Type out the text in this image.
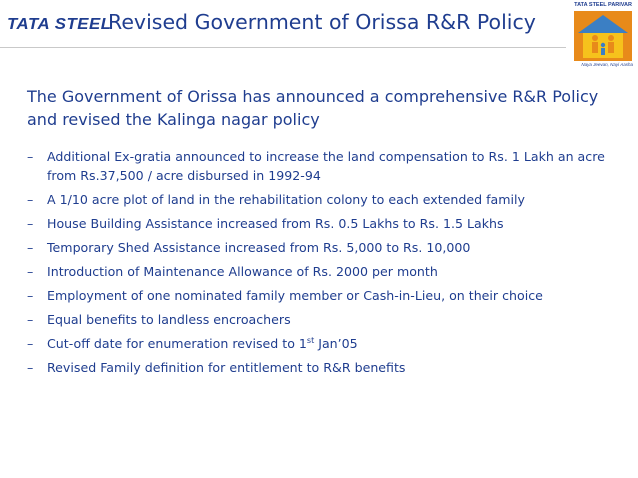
TATA STEEL
Revised Government of Orissa R&R Policy
TATA STEEL PARIVAR
Naya Jeevan, Nayi Aasha
The Government of Orissa has announced a comprehensive R&R Policy and revised the Kalinga nagar policy
– Additional Ex-gratia announced to increase the land compensation to Rs. 1 Lakh an acre from Rs.37,500 / acre disbursed in 1992-94
– A 1/10 acre plot of land in the rehabilitation colony to each extended family
– House Building Assistance increased from Rs. 0.5 Lakhs to Rs. 1.5 Lakhs
– Temporary Shed Assistance increased from Rs. 5,000 to Rs. 10,000
– Introduction of Maintenance Allowance of Rs. 2000 per month
– Employment of one nominated family member or Cash-in-Lieu, on their choice
– Equal benefits to landless encroachers
– Cut-off date for enumeration revised to 1st Jan’05
– Revised Family definition for entitlement to R&R benefits
